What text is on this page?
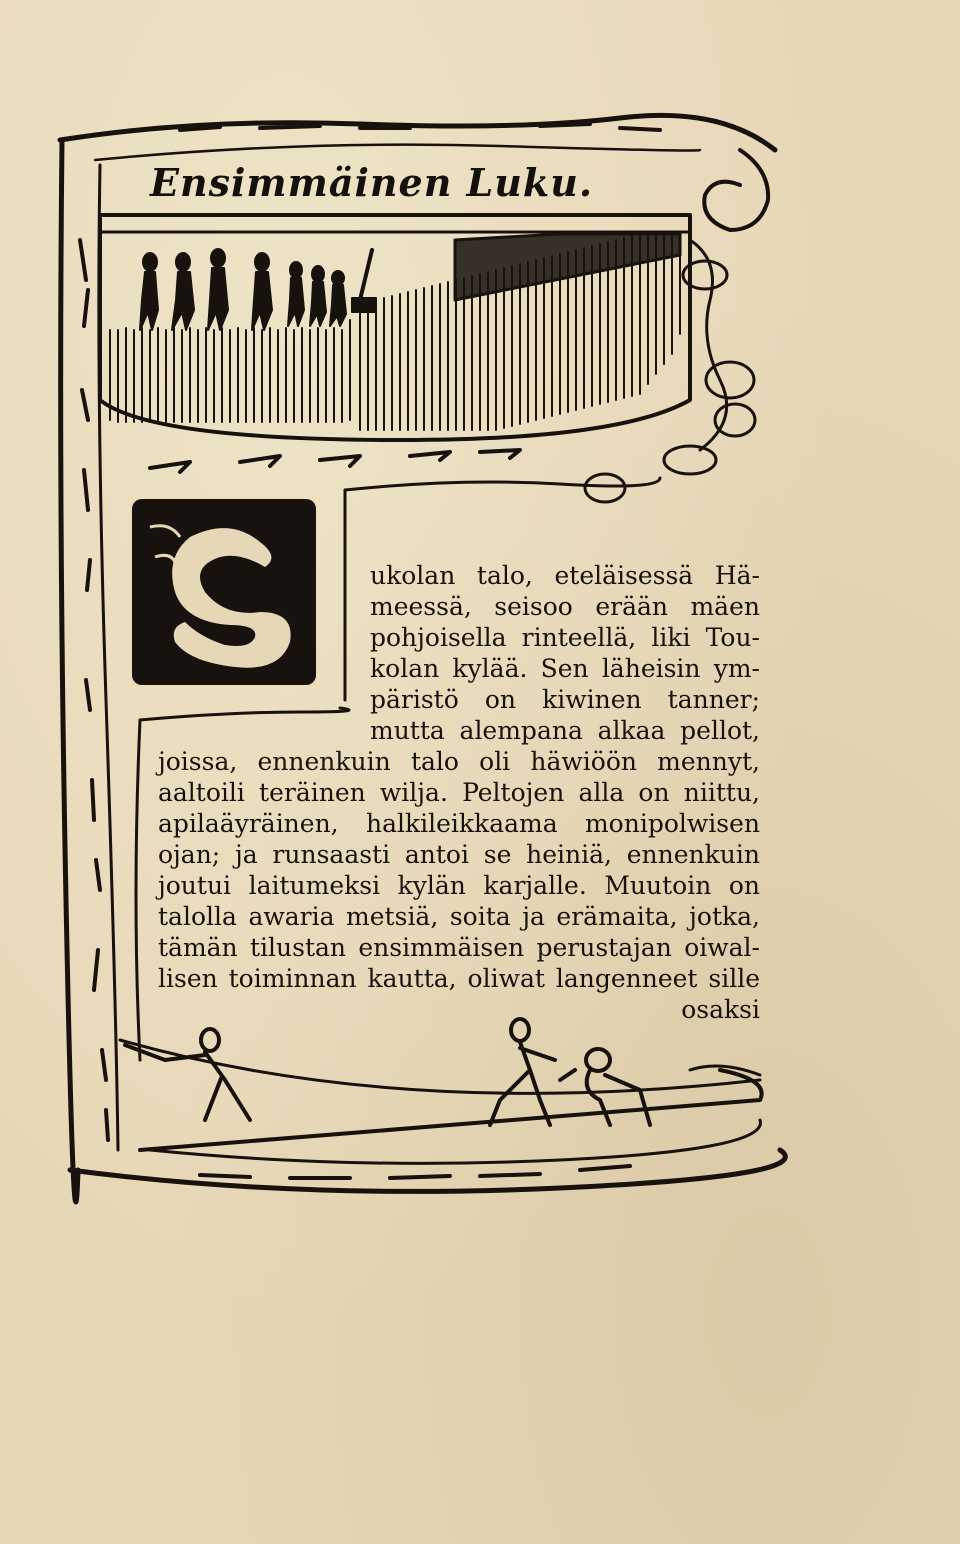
Ensimmäinen Luku.
ukolan talo, eteläisessä Hä-
meessä, seisoo erään mäen
pohjoisella rinteellä, liki Tou-
kolan kylää. Sen läheisin ym-
päristö on kiwinen tanner;
mutta alempana alkaa pellot,
joissa, ennenkuin talo oli häwiöön mennyt,
aaltoili teräinen wilja. Peltojen alla on niittu,
apilaäyräinen, halkileikkaama monipolwisen
ojan; ja runsaasti antoi se heiniä, ennenkuin
joutui laitumeksi kylän karjalle. Muutoin on
talolla awaria metsiä, soita ja erämaita, jotka,
tämän tilustan ensimmäisen perustajan oiwal-
lisen toiminnan kautta, oliwat langenneet sille
osaksi
